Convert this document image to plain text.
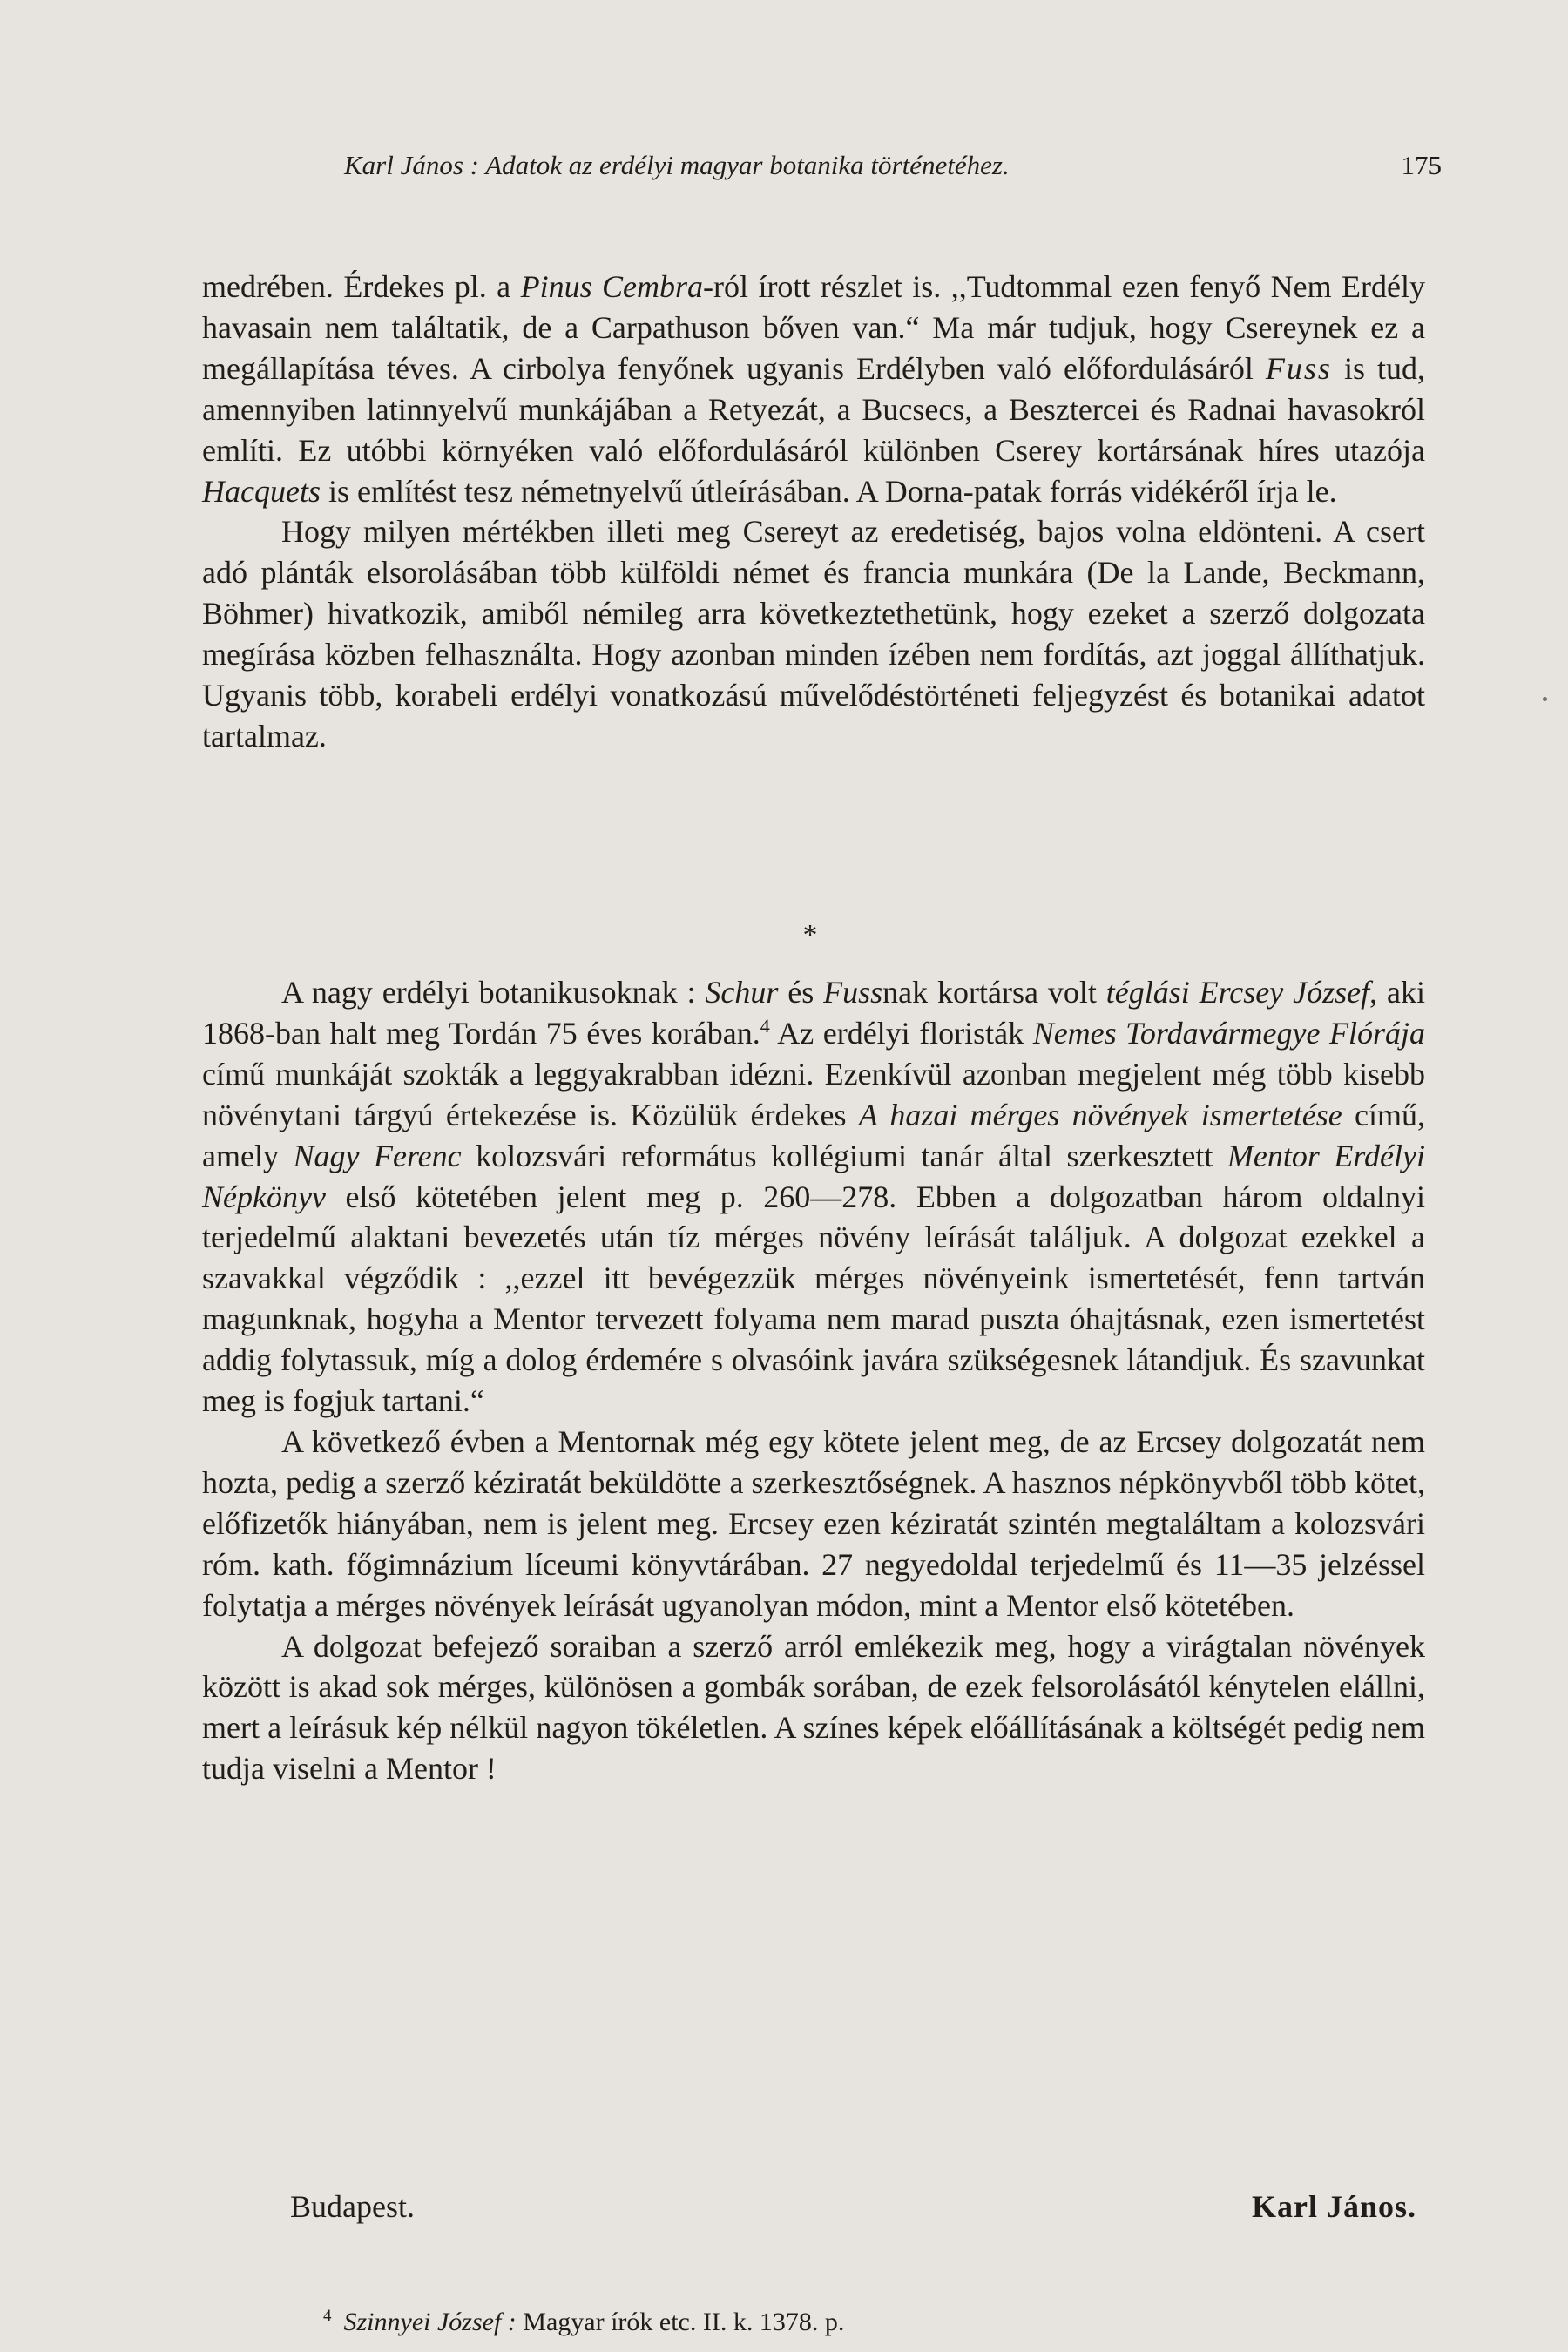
Karl János : Adatok az erdélyi magyar botanika történetéhez.	175

medrében. Érdekes pl. a Pinus Cembra-ról írott részlet is. ,,Tudtommal ezen fenyő Nem Erdély havasain nem találtatik, de a Carpathuson bőven van.“ Ma már tudjuk, hogy Csereynek ez a megállapítása téves. A cirbolya fenyőnek ugyanis Erdélyben való előfordulásáról Fuss is tud, amennyiben latinnyelvű munkájában a Retyezát, a Bucsecs, a Besztercei és Radnai havasokról említi. Ez utóbbi környéken való előfordulásáról különben Cserey kortársának híres utazója Hacquets is említést tesz németnyelvű útleírásában. A Dorna-patak forrás vidékéről írja le.

Hogy milyen mértékben illeti meg Csereyt az eredetiség, bajos volna eldönteni. A csert adó plánták elsorolásában több külföldi német és francia munkára (De la Lande, Beckmann, Böhmer) hivatkozik, amiből némileg arra következtethetünk, hogy ezeket a szerző dolgozata megírása közben felhasználta. Hogy azonban minden ízében nem fordítás, azt joggal állíthatjuk. Ugyanis több, korabeli erdélyi vonatkozású művelődéstörténeti feljegyzést és botanikai adatot tartalmaz.

*

A nagy erdélyi botanikusoknak : Schur és Fussnak kortársa volt téglási Ercsey József, aki 1868-ban halt meg Tordán 75 éves korában.$^4$ Az erdélyi floristák Nemes Tordavármegye Flórája című munkáját szokták a leggyakrabban idézni. Ezenkívül azonban megjelent még több kisebb növénytani tárgyú értekezése is. Közülük érdekes A hazai mérges növények ismertetése című, amely Nagy Ferenc kolozsvári református kollégiumi tanár által szerkesztett Mentor Erdélyi Népkönyv első kötetében jelent meg p. 260—278. Ebben a dolgozatban három oldalnyi terjedelmű alaktani bevezetés után tíz mérges növény leírását találjuk. A dolgozat ezekkel a szavakkal végződik : ,,ezzel itt bevégezzük mérges növényeink ismertetését, fenn tartván magunknak, hogyha a Mentor tervezett folyama nem marad puszta óhajtásnak, ezen ismertetést addig folytassuk, míg a dolog érdemére s olvasóink javára szükségesnek látandjuk. És szavunkat meg is fogjuk tartani.“

A következő évben a Mentornak még egy kötete jelent meg, de az Ercsey dolgozatát nem hozta, pedig a szerző kéziratát beküldötte a szerkesztőségnek. A hasznos népkönyvből több kötet, előfizetők hiányában, nem is jelent meg. Ercsey ezen kéziratát szintén megtaláltam a kolozsvári róm. kath. főgimnázium líceumi könyvtárában. 27 negyedoldal terjedelmű és 11—35 jelzéssel folytatja a mérges növények leírását ugyanolyan módon, mint a Mentor első kötetében.

A dolgozat befejező soraiban a szerző arról emlékezik meg, hogy a virágtalan növények között is akad sok mérges, különösen a gombák sorában, de ezek felsorolásától kénytelen elállni, mert a leírásuk kép nélkül nagyon tökéletlen. A színes képek előállításának a költségét pedig nem tudja viselni a Mentor !

Budapest.	Karl János.
$^4$ Szinnyei József : Magyar írók etc. II. k. 1378. p.
